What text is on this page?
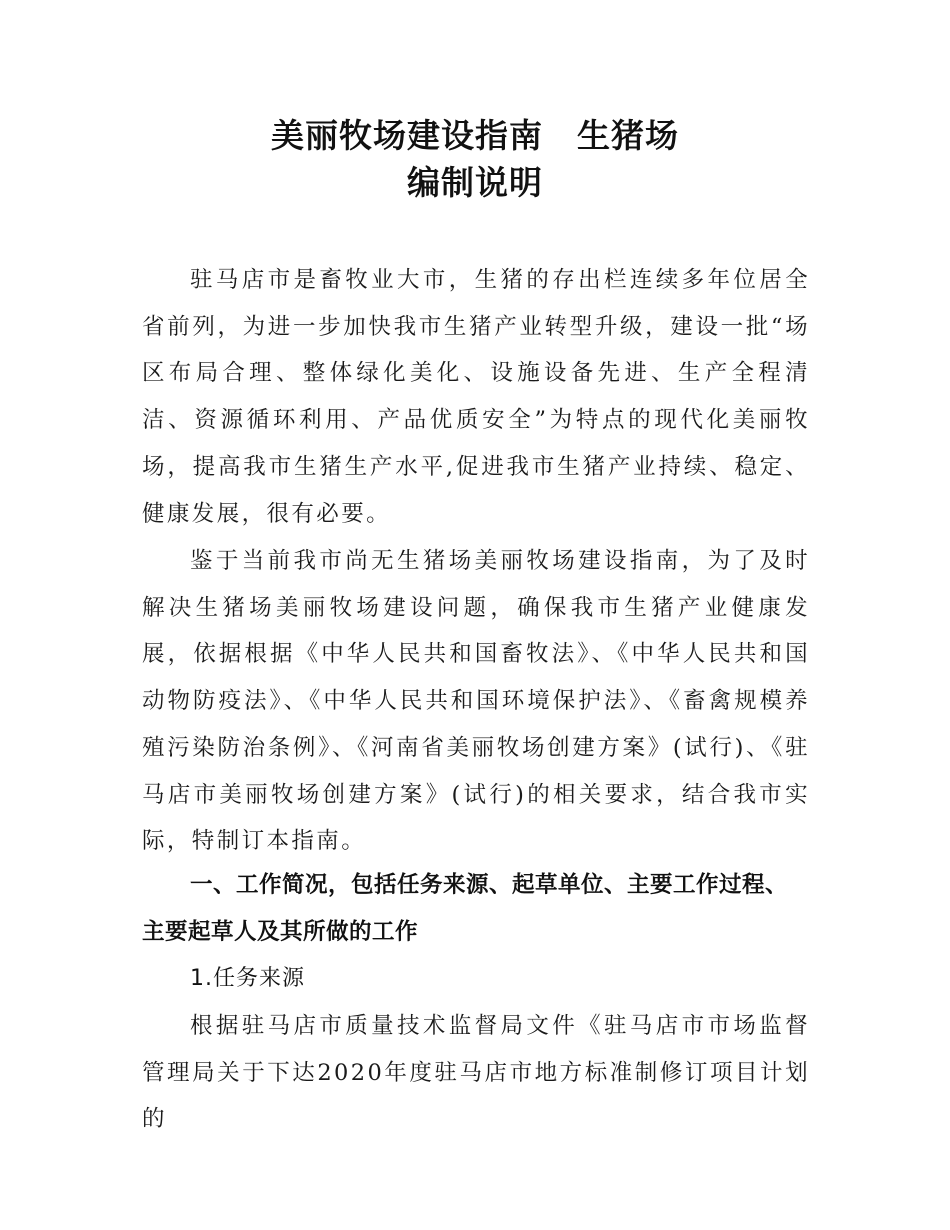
美丽牧场建设指南　生猪场
编制说明

驻马店市是畜牧业大市，生猪的存出栏连续多年位居全省前列，为进一步加快我市生猪产业转型升级，建设一批“场区布局合理、整体绿化美化、设施设备先进、生产全程清洁、资源循环利用、产品优质安全”为特点的现代化美丽牧场，提高我市生猪生产水平,促进我市生猪产业持续、稳定、健康发展，很有必要。

鉴于当前我市尚无生猪场美丽牧场建设指南，为了及时解决生猪场美丽牧场建设问题，确保我市生猪产业健康发展，依据根据《中华人民共和国畜牧法》、《中华人民共和国动物防疫法》、《中华人民共和国环境保护法》、《畜禽规模养殖污染防治条例》、《河南省美丽牧场创建方案》(试行)、《驻马店市美丽牧场创建方案》(试行)的相关要求，结合我市实际，特制订本指南。

一、工作简况，包括任务来源、起草单位、主要工作过程、主要起草人及其所做的工作

1.任务来源

根据驻马店市质量技术监督局文件《驻马店市市场监督管理局关于下达2020年度驻马店市地方标准制修订项目计划的
